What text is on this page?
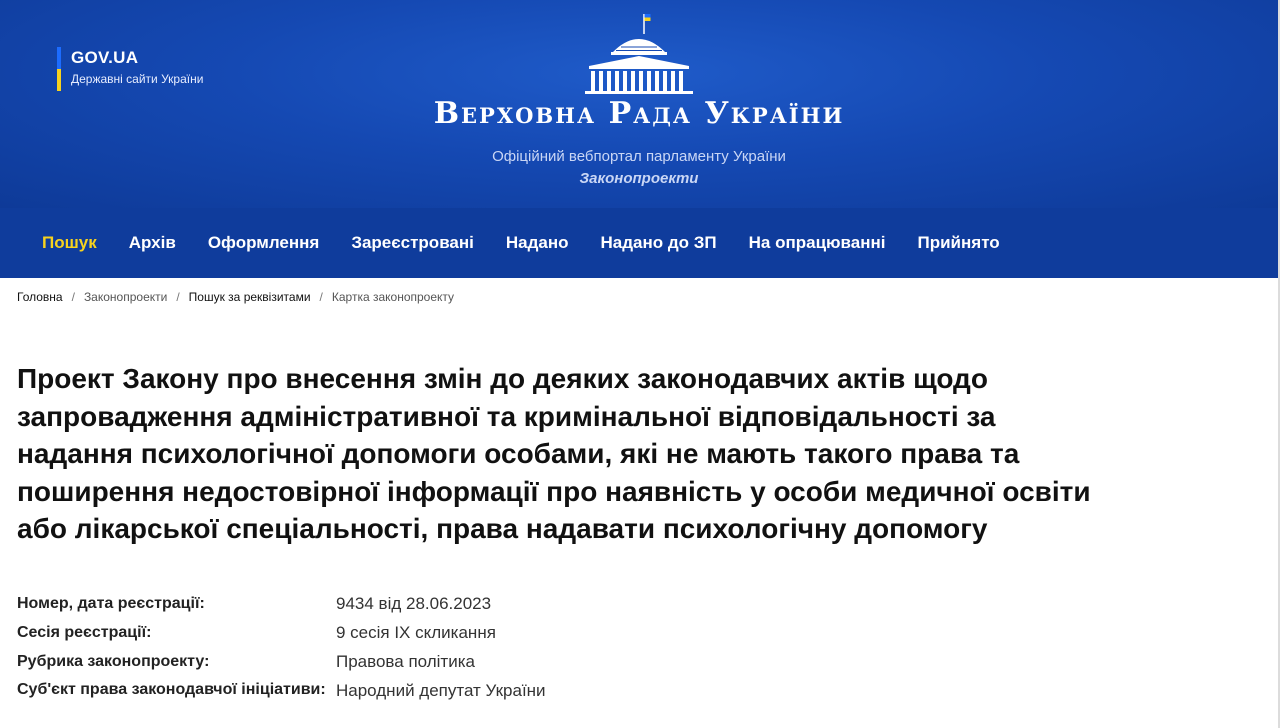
GOV.UA
Державні сайти України
Верховна Рада України
Офіційний вебпортал парламенту України
Законопроекти
Пошук	Архів	Оформлення	Зареєстровані	Надано	Надано до ЗП	На опрацюванні	Прийнято
Головна / Законопроекти / Пошук за реквізитами / Картка законопроекту
Проект Закону про внесення змін до деяких законодавчих актів щодо запровадження адміністративної та кримінальної відповідальності за надання психологічної допомоги особами, які не мають такого права та поширення недостовірної інформації про наявність у особи медичної освіти або лікарської спеціальності, права надавати психологічну допомогу
Номер, дата реєстрації:	9434 від 28.06.2023
Сесія реєстрації:	9 сесія IX скликання
Рубрика законопроекту:	Правова політика
Суб'єкт права законодавчої ініціативи: Народний депутат України
